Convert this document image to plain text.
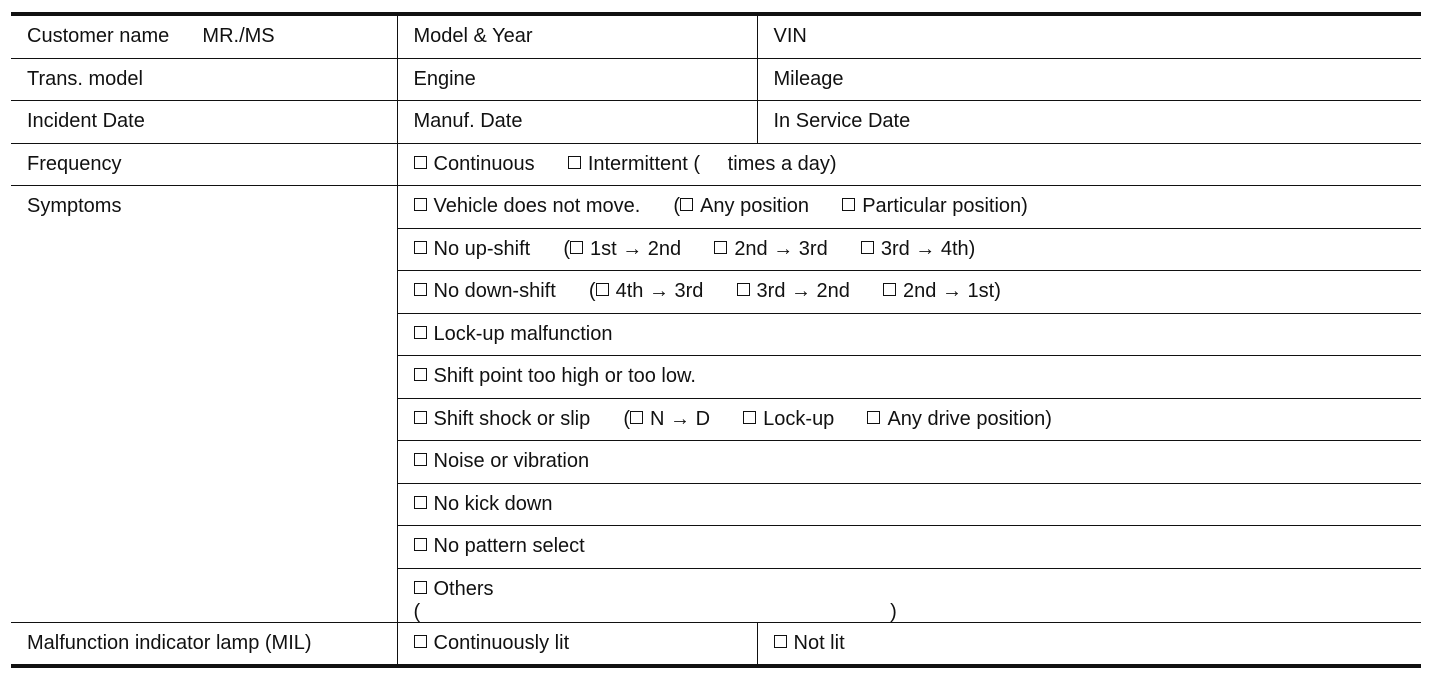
Customer name MR./MS	Model & Year	VIN
Trans. model	Engine	Mileage
Incident Date	Manuf. Date	In Service Date
Frequency	Continuous Intermittent ( times a day)	
Symptoms	Vehicle does not move. ( Any position Particular position)	
	No up-shift ( 1st → 2nd 2nd → 3rd 3rd → 4th)	
	No down-shift ( 4th → 3rd 3rd → 2nd 2nd → 1st)	
	Lock-up malfunction	
	Shift point too high or too low.	
	Shift shock or slip ( N → D Lock-up Any drive position)	
	Noise or vibration	
	No kick down	
	No pattern select	

	Others
( )	

Malfunction indicator lamp (MIL)	Continuously lit	Not lit
